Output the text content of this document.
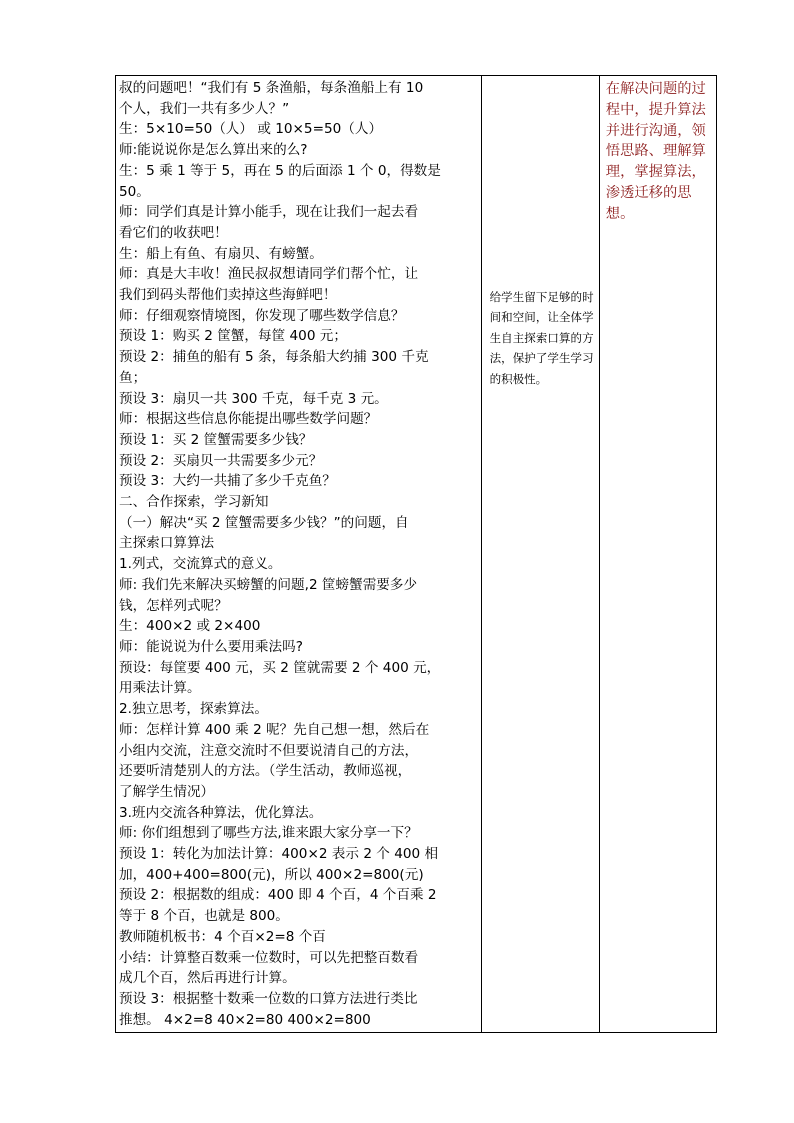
叔的问题吧！“我们有 5 条渔船，每条渔船上有 10
个人，我们一共有多少人？”
生：5×10=50（人） 或 10×5=50（人）
师:能说说你是怎么算出来的么?
生：5 乘 1 等于 5，再在 5 的后面添 1 个 0，得数是
50。
师：同学们真是计算小能手，现在让我们一起去看
看它们的收获吧！
生：船上有鱼、有扇贝、有螃蟹。
师：真是大丰收！渔民叔叔想请同学们帮个忙，让
我们到码头帮他们卖掉这些海鲜吧！
师：仔细观察情境图，你发现了哪些数学信息？
预设 1：购买 2 筐蟹，每筐 400 元；
预设 2：捕鱼的船有 5 条，每条船大约捕 300 千克
鱼；
预设 3：扇贝一共 300 千克，每千克 3 元。
师：根据这些信息你能提出哪些数学问题？
预设 1：买 2 筐蟹需要多少钱？
预设 2：买扇贝一共需要多少元？
预设 3：大约一共捕了多少千克鱼？
二、合作探索，学习新知
（一）解决“买 2 筐蟹需要多少钱？”的问题，自
主探索口算算法
1.列式，交流算式的意义。
师: 我们先来解决买螃蟹的问题,2 筐螃蟹需要多少
钱，怎样列式呢？
生：400×2 或 2×400
师：能说说为什么要用乘法吗?
预设：每筐要 400 元，买 2 筐就需要 2 个 400 元，
用乘法计算。
2.独立思考，探索算法。
师：怎样计算 400 乘 2 呢？先自己想一想，然后在
小组内交流，注意交流时不但要说清自己的方法，
还要听清楚别人的方法。（学生活动，教师巡视，
了解学生情况）
3.班内交流各种算法，优化算法。
师: 你们组想到了哪些方法,谁来跟大家分享一下？
预设 1：转化为加法计算：400×2 表示 2 个 400 相
加，400+400=800(元)，所以 400×2=800(元)
预设 2：根据数的组成：400 即 4 个百，4 个百乘 2
等于 8 个百，也就是 800。
教师随机板书：4 个百×2=8 个百
小结：计算整百数乘一位数时，可以先把整百数看
成几个百，然后再进行计算。
预设 3：根据整十数乘一位数的口算方法进行类比
推想。 4×2=8 40×2=80 400×2=800

给学生留下足够的时间和空间，让全体学生自主探索口算的方法，保护了学生学习的积极性。

在解决问题的过程中，提升算法并进行沟通，领悟思路、理解算理，掌握算法，渗透迁移的思想。
